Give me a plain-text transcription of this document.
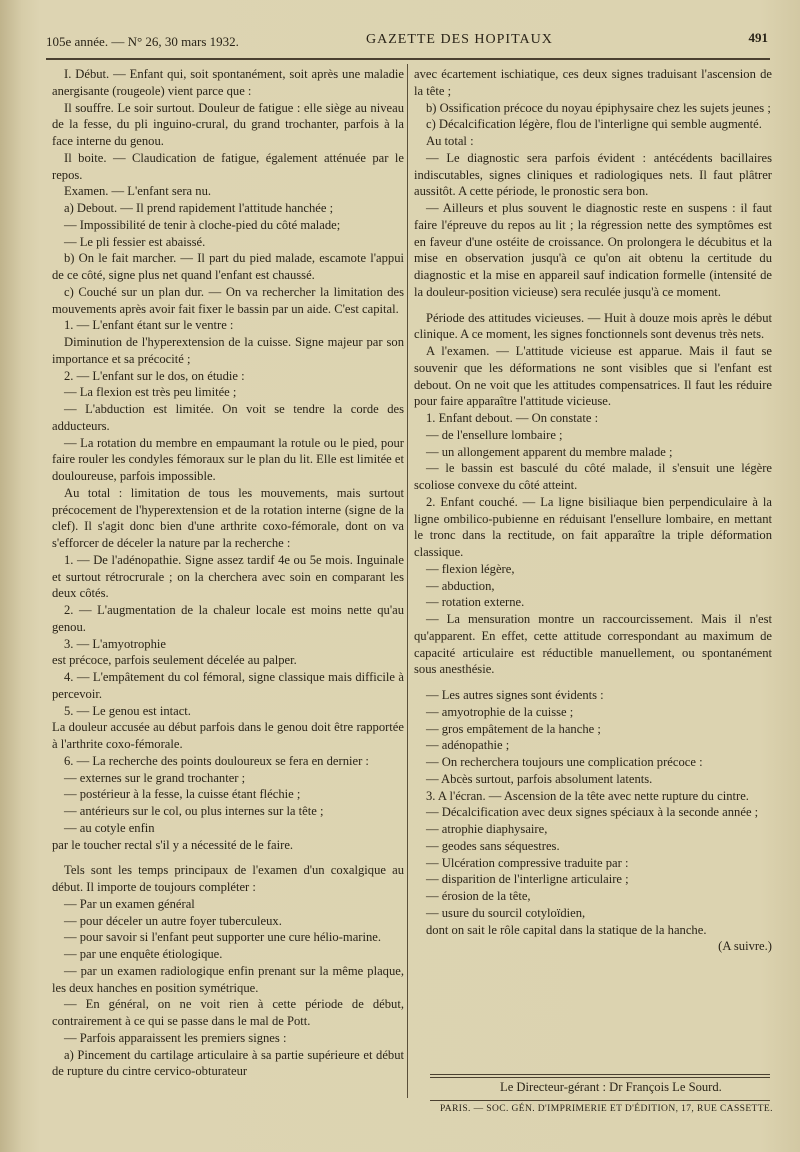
105e année. — N° 26, 30 mars 1932.	GAZETTE DES HOPITAUX	491

I. Début. — Enfant qui, soit spontanément, soit après une maladie anergisante (rougeole) vient parce que :

Il souffre. Le soir surtout. Douleur de fatigue : elle siège au niveau de la fesse, du pli inguino-crural, du grand trochanter, parfois à la face interne du genou.

Il boite. — Claudication de fatigue, également atténuée par le repos.

Examen. — L'enfant sera nu.

a) Debout. — Il prend rapidement l'attitude hanchée ;

— Impossibilité de tenir à cloche-pied du côté malade;

— Le pli fessier est abaissé.

b) On le fait marcher. — Il part du pied malade, escamote l'appui de ce côté, signe plus net quand l'enfant est chaussé.

c) Couché sur un plan dur. — On va rechercher la limitation des mouvements après avoir fait fixer le bassin par un aide. C'est capital.

1. — L'enfant étant sur le ventre :

Diminution de l'hyperextension de la cuisse. Signe majeur par son importance et sa précocité ;

2. — L'enfant sur le dos, on étudie :

— La flexion est très peu limitée ;

— L'abduction est limitée. On voit se tendre la corde des adducteurs.

— La rotation du membre en empaumant la rotule ou le pied, pour faire rouler les condyles fémoraux sur le plan du lit. Elle est limitée et douloureuse, parfois impossible.

Au total : limitation de tous les mouvements, mais surtout précocement de l'hyperextension et de la rotation interne (signe de la clef). Il s'agit donc bien d'une arthrite coxo-fémorale, dont on va s'efforcer de déceler la nature par la recherche :

1. — De l'adénopathie. Signe assez tardif 4e ou 5e mois. Inguinale et surtout rétrocrurale ; on la cherchera avec soin en comparant les deux côtés.

2. — L'augmentation de la chaleur locale est moins nette qu'au genou.

3. — L'amyotrophie

est précoce, parfois seulement décelée au palper.

4. — L'empâtement du col fémoral, signe classique mais difficile à percevoir.

5. — Le genou est intact.

La douleur accusée au début parfois dans le genou doit être rapportée à l'arthrite coxo-fémorale.

6. — La recherche des points douloureux se fera en dernier :

— externes sur le grand trochanter ;

— postérieur à la fesse, la cuisse étant fléchie ;

— antérieurs sur le col, ou plus internes sur la tête ;

— au cotyle enfin

par le toucher rectal s'il y a nécessité de le faire.

Tels sont les temps principaux de l'examen d'un coxalgique au début. Il importe de toujours compléter :

— Par un examen général

— pour déceler un autre foyer tuberculeux.

— pour savoir si l'enfant peut supporter une cure hélio-marine.

— par une enquête étiologique.

— par un examen radiologique enfin prenant sur la même plaque, les deux hanches en position symétrique.

— En général, on ne voit rien à cette période de début, contrairement à ce qui se passe dans le mal de Pott.

— Parfois apparaissent les premiers signes :

a) Pincement du cartilage articulaire à sa partie supérieure et début de rupture du cintre cervico-obturateur

avec écartement ischiatique, ces deux signes traduisant l'ascension de la tête ;

b) Ossification précoce du noyau épiphysaire chez les sujets jeunes ;

c) Décalcification légère, flou de l'interligne qui semble augmenté.

Au total :

— Le diagnostic sera parfois évident : antécédents bacillaires indiscutables, signes cliniques et radiologiques nets. Il faut plâtrer aussitôt. A cette période, le pronostic sera bon.

— Ailleurs et plus souvent le diagnostic reste en suspens : il faut faire l'épreuve du repos au lit ; la régression nette des symptômes est en faveur d'une ostéite de croissance. On prolongera le décubitus et la mise en observation jusqu'à ce qu'on ait obtenu la certitude du diagnostic et la mise en appareil sauf indication formelle (intensité de la douleur-position vicieuse) sera reculée jusqu'à ce moment.

Période des attitudes vicieuses. — Huit à douze mois après le début clinique. A ce moment, les signes fonctionnels sont devenus très nets.

A l'examen. — L'attitude vicieuse est apparue. Mais il faut se souvenir que les déformations ne sont visibles que si l'enfant est debout. On ne voit que les attitudes compensatrices. Il faut les réduire pour faire apparaître l'attitude vicieuse.

1. Enfant debout. — On constate :

— de l'ensellure lombaire ;

— un allongement apparent du membre malade ;

— le bassin est basculé du côté malade, il s'ensuit une légère scoliose convexe du côté atteint.

2. Enfant couché. — La ligne bisiliaque bien perpendiculaire à la ligne ombilico-pubienne en réduisant l'ensellure lombaire, en mettant le tronc dans la rectitude, on fait apparaître la triple déformation classique.

— flexion légère,

— abduction,

— rotation externe.

— La mensuration montre un raccourcissement. Mais il n'est qu'apparent. En effet, cette attitude correspondant au maximum de capacité articulaire est réductible manuellement, ou spontanément sous anesthésie.

— Les autres signes sont évidents :

— amyotrophie de la cuisse ;

— gros empâtement de la hanche ;

— adénopathie ;

— On recherchera toujours une complication précoce :

— Abcès surtout, parfois absolument latents.

3. A l'écran. — Ascension de la tête avec nette rupture du cintre.

— Décalcification avec deux signes spéciaux à la seconde année ;

— atrophie diaphysaire,

— geodes sans séquestres.

— Ulcération compressive traduite par :

— disparition de l'interligne articulaire ;

— érosion de la tête,

— usure du sourcil cotyloïdien,

dont on sait le rôle capital dans la statique de la hanche.

(A suivre.)

Le Directeur-gérant : Dr François Le Sourd.
PARIS. — SOC. GÉN. D'IMPRIMERIE ET D'ÉDITION, 17, RUE CASSETTE.
